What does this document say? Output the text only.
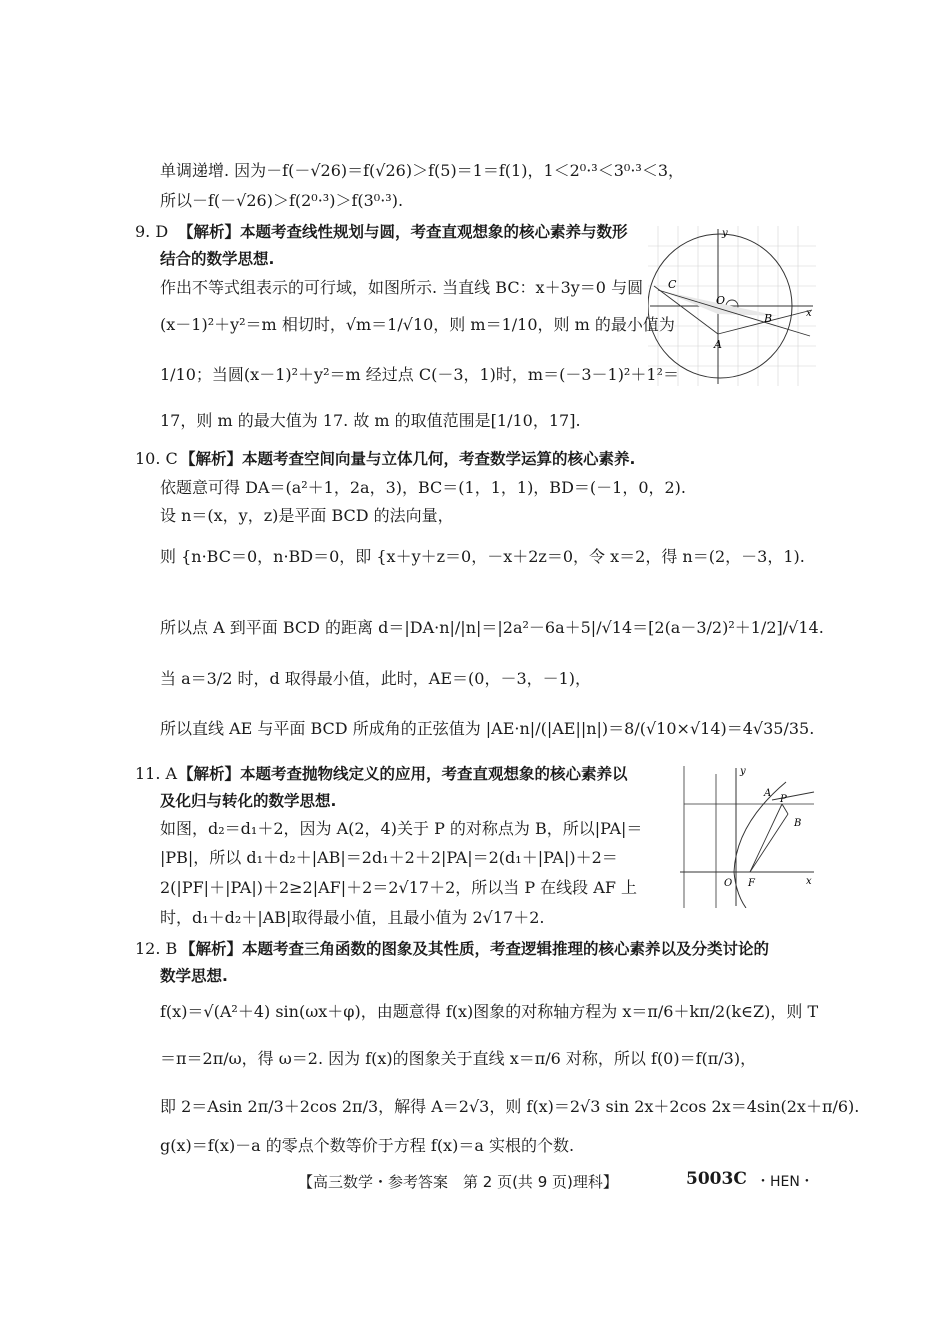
单调递增. 因为－f(－√26)＝f(√26)＞f(5)＝1＝f(1)，1＜2⁰·³＜3⁰·³＜3，
所以－f(－√26)＞f(2⁰·³)＞f(3⁰·³).
9. D 【解析】本题考查线性规划与圆，考查直观想象的核心素养与数形
结合的数学思想.
作出不等式组表示的可行域，如图所示. 当直线 BC：x＋3y＝0 与圆
(x－1)²＋y²＝m 相切时，√m＝1/√10，则 m＝1/10，则 m 的最小值为
1/10；当圆(x－1)²＋y²＝m 经过点 C(－3，1)时，m＝(－3－1)²＋1²＝
17，则 m 的最大值为 17. 故 m 的取值范围是[1/10，17].
C
O
B
A
x
y
10. C 【解析】本题考查空间向量与立体几何，考查数学运算的核心素养.
依题意可得 DA＝(a²＋1，2a，3)，BC＝(1，1，1)，BD＝(－1，0，2).
设 n＝(x，y，z)是平面 BCD 的法向量，
则 {n·BC＝0，n·BD＝0，即 {x＋y＋z＝0，－x＋2z＝0，令 x＝2，得 n＝(2，－3，1).
所以点 A 到平面 BCD 的距离 d＝|DA·n|/|n|＝|2a²－6a＋5|/√14＝[2(a－3/2)²＋1/2]/√14.
当 a＝3/2 时，d 取得最小值，此时，AE＝(0，－3，－1)，
所以直线 AE 与平面 BCD 所成角的正弦值为 |AE·n|/(|AE||n|)＝8/(√10×√14)＝4√35/35.
11. A 【解析】本题考查抛物线定义的应用，考查直观想象的核心素养以
及化归与转化的数学思想.
如图，d₂＝d₁＋2，因为 A(2，4)关于 P 的对称点为 B，所以|PA|＝
|PB|，所以 d₁＋d₂＋|AB|＝2d₁＋2＋2|PA|＝2(d₁＋|PA|)＋2＝
2(|PF|＋|PA|)＋2≥2|AF|＋2＝2√17＋2，所以当 P 在线段 AF 上
时，d₁＋d₂＋|AB|取得最小值，且最小值为 2√17＋2.
A
P
B
O F	x
y
12. B 【解析】本题考查三角函数的图象及其性质，考查逻辑推理的核心素养以及分类讨论的
数学思想.
f(x)＝√(A²＋4) sin(ωx＋φ)，由题意得 f(x)图象的对称轴方程为 x＝π/6＋kπ/2(k∈Z)，则 T
＝π＝2π/ω，得 ω＝2. 因为 f(x)的图象关于直线 x＝π/6 对称，所以 f(0)＝f(π/3)，
即 2＝Asin 2π/3＋2cos 2π/3，解得 A＝2√3，则 f(x)＝2√3 sin 2x＋2cos 2x＝4sin(2x＋π/6).
g(x)＝f(x)－a 的零点个数等价于方程 f(x)＝a 实根的个数.
【高三数学・参考答案　第 2 页(共 9 页)理科】	5003C ・HEN・
